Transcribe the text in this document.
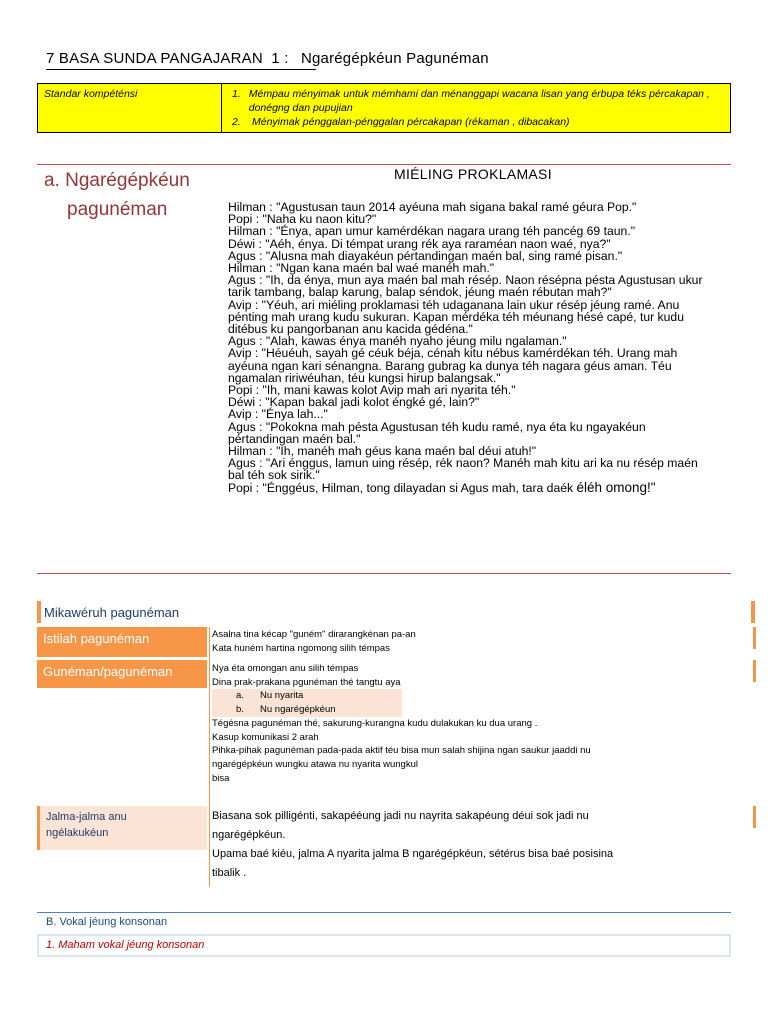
7 BASA SUNDA PANGAJARAN 1 : Ngarégépkéun Pagunéman
Standar kompéténsi	1. Mémpau ményimak untuk mémhami dan ménanggapi wacana lisan yang érbupa téks pércakapan , donégng dan pupujian
2.	Ményimak pénggalan-pénggalan pércakapan (rékaman , dibacakan)
a. Ngarégépkéun
pagunéman
MIÉLING PROKLAMASI
Hilman : "Agustusan taun 2014 ayéuna mah sigana bakal ramé géura Pop."
Popi : "Naha ku naon kitu?"
Hilman : "Ényа, apan umur kamérdékan nagara urang téh pancég 69 taun."
Déwi : "Aéh, énya. Di témpat urang rék aya raraméan naon waé, nya?"
Agus : "Alusna mah diayakéun pértandingan maén bal, sing ramé pisan."
Hilman : "Ngan kana maén bal waé manéh mah."
Agus : "Ih, da énya, mun aya maén bal mah résép. Naon résépna pésta Agustusan ukur
tarik tambang, balap karung, balap séndok, jéung maén rébutan mah?"
Avip : "Yéuh, ari miéling proklamasi téh udaganana lain ukur résép jéung ramé. Anu
pénting mah urang kudu sukuran. Kapan mérdéka téh méunang hésé capé, tur kudu
ditébus ku pangorbanan anu kacida gédéna."
Agus : "Alah, kawas énya manéh nyaho jéung milu ngalaman."
Avip : "Héuéuh, sayah gé céuk béja, cénah kitu nébus kamérdékan téh. Urang mah
ayéuna ngan kari sénangna. Barang gubrag ka dunya téh nagara géus aman. Téu
ngamalan ririwéuhan, téu kungsi hirup balangsak."
Popi : "Ih, mani kawas kolot Avip mah ari nyarita téh."
Déwi : "Kapan bakal jadi kolot éngké gé, lain?"
Avip : "Énya lah..."
Agus : "Pokokna mah pésta Agustusan téh kudu ramé, nya éta ku ngayakéun
pértandingan maén bal."
Hilman : "Ih, manéh mah géus kana maén bal déui atuh!"
Agus : "Ari énggus, lamun uing résép, rék naon? Manéh mah kitu ari ka nu résép maén
bal téh sok sirik."
Popi : "Énggéus, Hilman, tong dilayadan si Agus mah, tara daék éléh omong!"
Mikawéruh pagunéman
Istilah pagunéman	Asalna tina kécap "guném" dirarangkénan pa-an
Kata huném hartina ngomong silih témpas
Gunéman/pagunéman	Nya éta omongan anu silih témpas
Dina prak-prakana pgunéman thé tangtu aya
a.	Nu nyarita
b.	Nu ngarégépkéun
Tégésna pagunéman thé, sakurung-kurangna kudu dulakukan ku dua urang .
Kasup komunikasi 2 arah
Pihka-pihak pagunéman pada-pada aktif téu bisa mun salah shijina ngan saukur jaaddi nu
ngarégépkéun wungku atawa nu nyarita wungkul
bisa
Jalma-jalma anu
ngélakukéun
Biasana sok pilligénti, sakapééung jadi nu nayrita sakapéung déui sok jadi nu
ngarégépkéun.
Upama baé kiéu, jalma A nyarita jalma B ngarégépkéun, sétérus bisa baé posisina
tibalik .
B. Vokal jéung konsonan
1. Maham vokal jéung konsonan
